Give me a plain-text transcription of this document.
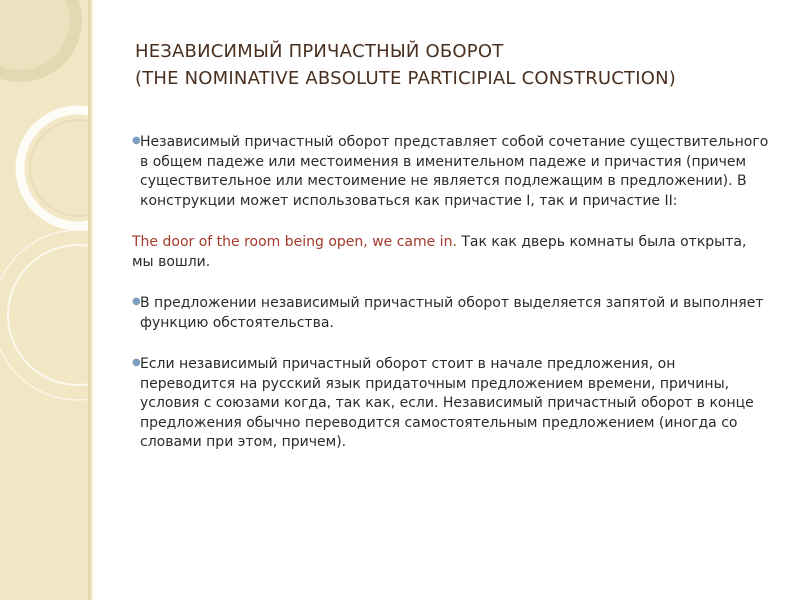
НЕЗАВИСИМЫЙ ПРИЧАСТНЫЙ ОБОРОТ
(THE NOMINATIVE ABSOLUTE PARTICIPIAL CONSTRUCTION)
● Независимый причастный оборот представляет собой сочетание существительного в общем падеже или местоимения в именительном падеже и причастия (причем существительное или местоимение не является подлежащим в предложении). В конструкции может использоваться как причастие I, так и причастие II:
The door of the room being open, we came in. Так как дверь комнаты была открыта, мы вошли.
● В предложении независимый причастный оборот выделяется запятой и выполняет функцию обстоятельства.
● Если независимый причастный оборот стоит в начале предложения, он переводится на русский язык придаточным предложением времени, причины, условия с союзами когда, так как, если. Независимый причастный оборот в конце предложения обычно переводится самостоятельным предложением (иногда со словами при этом, причем).
